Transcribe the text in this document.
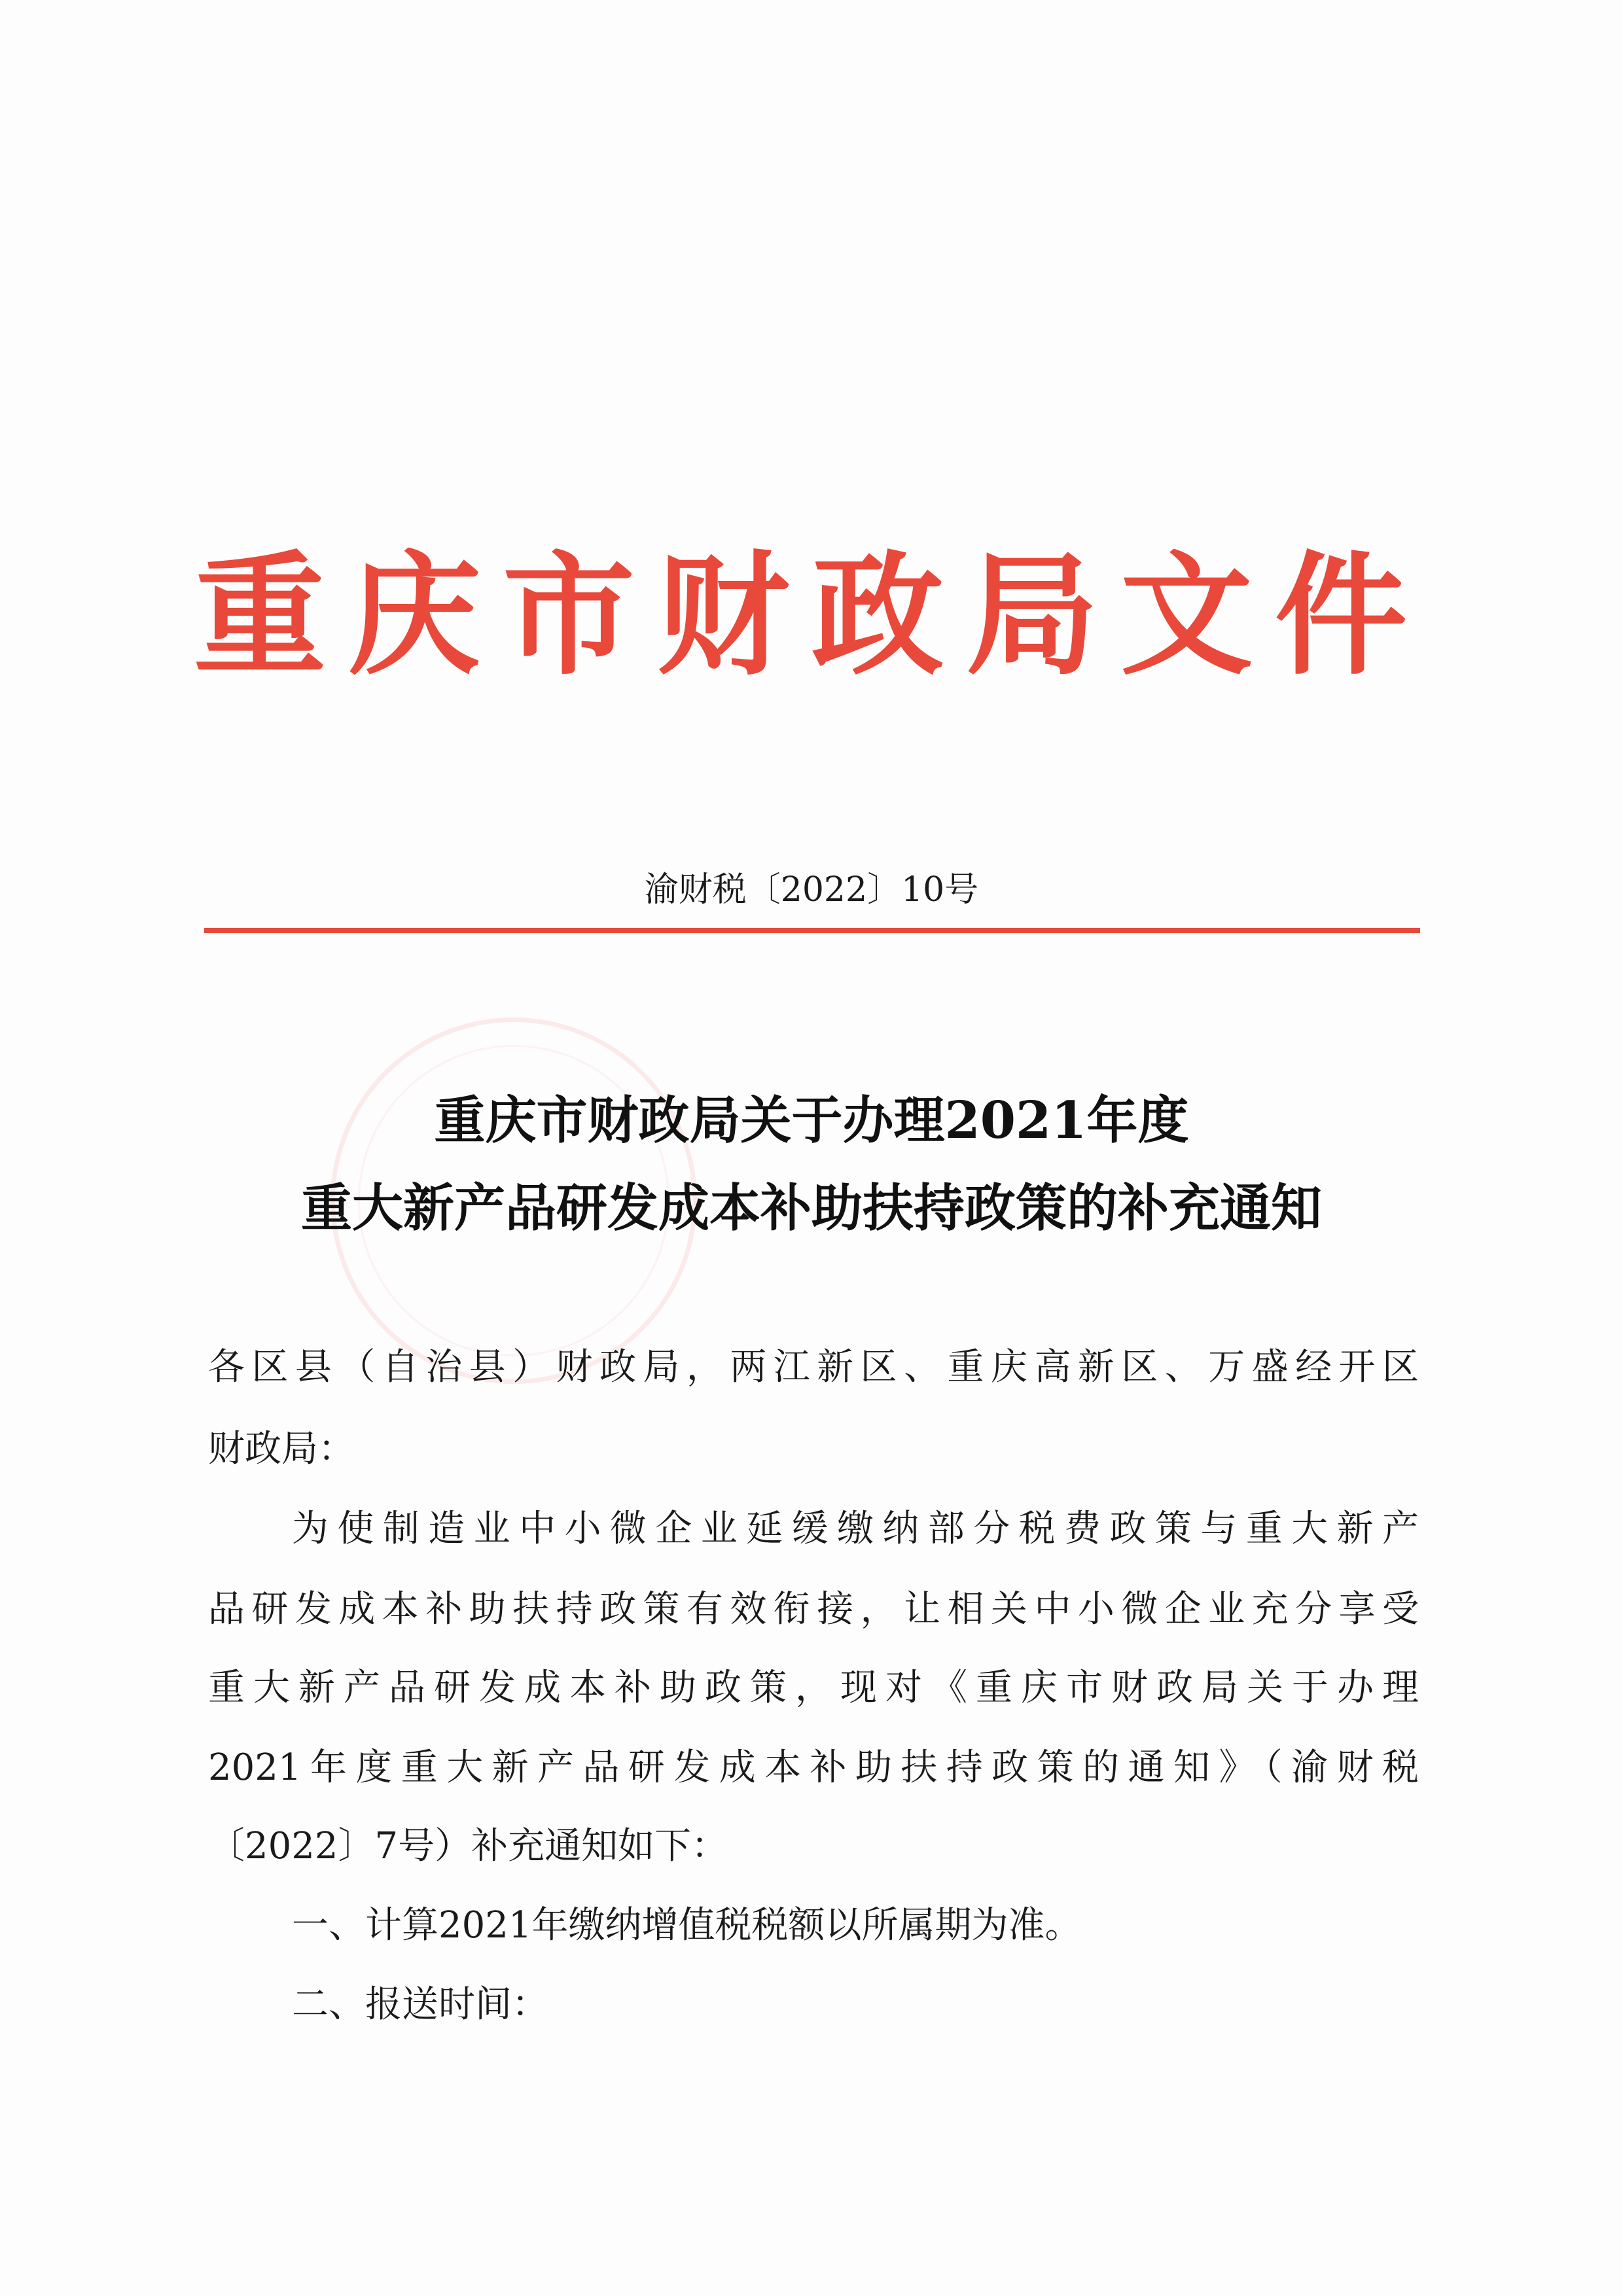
重庆市财政局文件
渝财税〔2022〕10号
重庆市财政局关于办理2021年度
重大新产品研发成本补助扶持政策的补充通知
各区县（自治县）财政局，两江新区、重庆高新区、万盛经开区
财政局：
为使制造业中小微企业延缓缴纳部分税费政策与重大新产
品研发成本补助扶持政策有效衔接，让相关中小微企业充分享受
重大新产品研发成本补助政策，现对《重庆市财政局关于办理
2021年度重大新产品研发成本补助扶持政策的通知》（渝财税
〔2022〕7号）补充通知如下：
一、计算2021年缴纳增值税税额以所属期为准。
二、报送时间：
